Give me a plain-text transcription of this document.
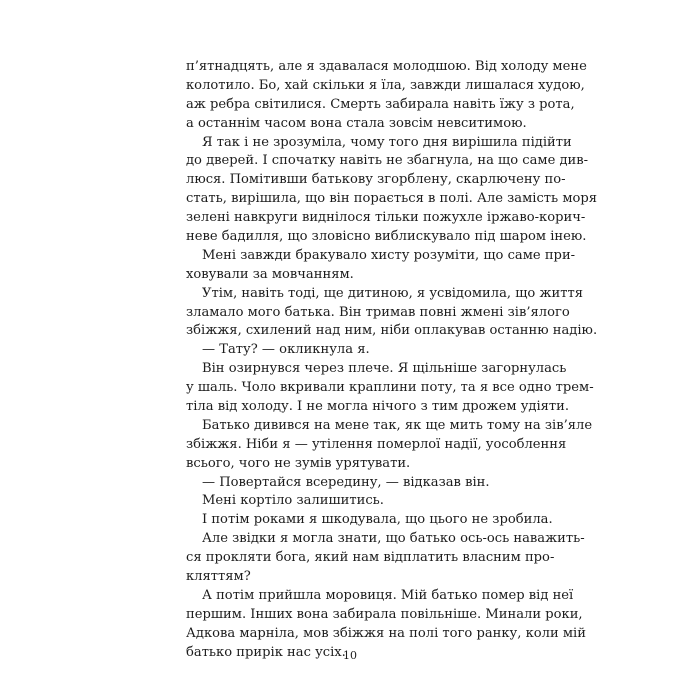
п’ятнадцять, але я здавалася молодшою. Від холоду мене
колотило. Бо, хай скільки я їла, завжди лишалася худою,
аж ребра світилися. Смерть забирала навіть їжу з рота,
а останнім часом вона стала зовсім невситимою.
Я так і не зрозуміла, чому того дня вирішила підійти
до дверей. І спочатку навіть не збагнула, на що саме див-
люся. Помітивши батькову згорблену, скарлючену по-
стать, вирішила, що він порається в полі. Але замість моря
зелені навкруги виднілося тільки пожухле іржаво-корич-
неве бадилля, що зловісно виблискувало під шаром інею.
Мені завжди бракувало хисту розуміти, що саме при-
ховували за мовчанням.
Утім, навіть тоді, ще дитиною, я усвідомила, що життя
зламало мого батька. Він тримав повні жмені зів’ялого
збіжжя, схилений над ним, ніби оплакував останню надію.
— Тату? — окликнула я.
Він озирнувся через плече. Я щільніше загорнулась
у шаль. Чоло вкривали краплини поту, та я все одно трем-
тіла від холоду. І не могла нічого з тим дрожем удіяти.
Батько дивився на мене так, як ще мить тому на зів’яле
збіжжя. Ніби я — утілення померлої надії, уособлення
всього, чого не зумів урятувати.
— Повертайся всередину, — відказав він.
Мені кортіло залишитись.
І потім роками я шкодувала, що цього не зробила.
Але звідки я могла знати, що батько ось-ось наважить-
ся прокляти бога, який нам відплатить власним про-
кляттям?
А потім прийшла моровиця. Мій батько помер від неї
першим. Інших вона забирала повільніше. Минали роки,
Адкова марніла, мов збіжжя на полі того ранку, коли мій
батько прирік нас усіх.
10
